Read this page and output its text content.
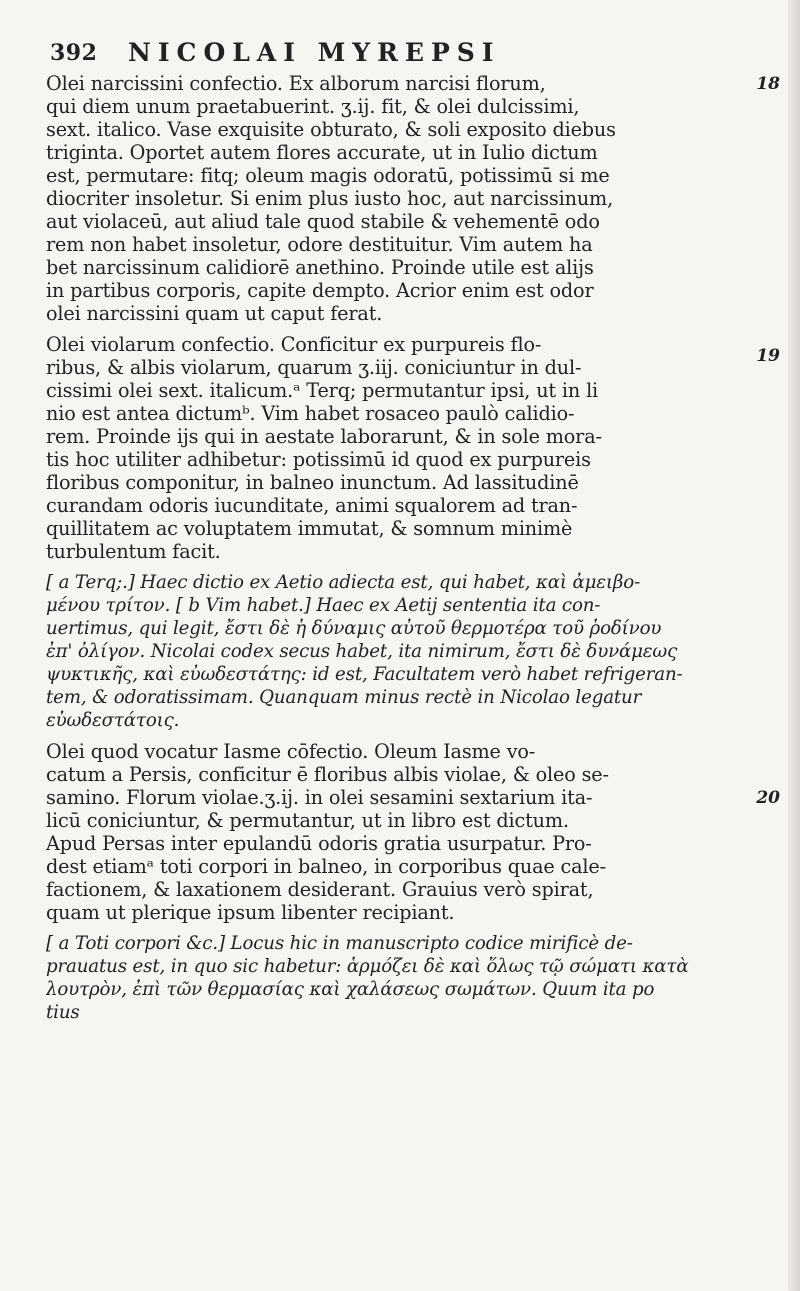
392 NICOLAI MYREPSI
18
19
20
Olei narcissini confectio. Ex alborum narcisi florum,
qui diem unum praetabuerint. ʒ.ij. fit, & olei dulcissimi,
sext. italico. Vase exquisite obturato, & soli exposito diebus
triginta. Oportet autem flores accurate, ut in Iulio dictum
est, permutare: fitq; oleum magis odoratū, potissimū si me
diocriter insoletur. Si enim plus iusto hoc, aut narcissinum,
aut violaceū, aut aliud tale quod stabile & vehementē odo
rem non habet insoletur, odore destituitur. Vim autem ha
bet narcissinum calidiorē anethino. Proinde utile est alijs
in partibus corporis, capite dempto. Acrior enim est odor
olei narcissini quam ut caput ferat.
Olei violarum confectio. Conficitur ex purpureis flo-
ribus, & albis violarum, quarum ʒ.iij. coniciuntur in dul-
cissimi olei sext. italicum.ᵃ Terq; permutantur ipsi, ut in li
nio est antea dictumᵇ. Vim habet rosaceo paulò calidio-
rem. Proinde ijs qui in aestate laborarunt, & in sole mora-
tis hoc utiliter adhibetur: potissimū id quod ex purpureis
floribus componitur, in balneo inunctum. Ad lassitudinē
curandam odoris iucunditate, animi squalorem ad tran-
quillitatem ac voluptatem immutat, & somnum minimè
turbulentum facit.
[ a Terq;.] Haec dictio ex Aetio adiecta est, qui habet, καὶ ἀμειβο-
μένου τρίτον. [ b Vim habet.] Haec ex Aetij sententia ita con-
uertimus, qui legit, ἔστι δὲ ἡ δύναμις αὐτοῦ θερμοτέρα τοῦ ῥοδίνου
ἐπ' ὀλίγον. Nicolai codex secus habet, ita nimirum, ἔστι δὲ δυνάμεως
ψυκτικῆς, καὶ εὐωδεστάτης: id est, Facultatem verò habet refrigeran-
tem, & odoratissimam. Quanquam minus rectè in Nicolao legatur
εὐωδεστάτοις.
Olei quod vocatur Iasme cōfectio. Oleum Iasme vo-
catum a Persis, conficitur ē floribus albis violae, & oleo se-
samino. Florum violae.ʒ.ij. in olei sesamini sextarium ita-
licū coniciuntur, & permutantur, ut in libro est dictum.
Apud Persas inter epulandū odoris gratia usurpatur. Pro-
dest etiamᵃ toti corpori in balneo, in corporibus quae cale-
factionem, & laxationem desiderant. Grauius verò spirat,
quam ut plerique ipsum libenter recipiant.
[ a Toti corpori &c.] Locus hic in manuscripto codice mirificè de-
prauatus est, in quo sic habetur: ἁρμόζει δὲ καὶ ὅλως τῷ σώματι κατὰ
λουτρὸν, ἐπὶ τῶν θερμασίας καὶ χαλάσεως σωμάτων. Quum ita po
tius
